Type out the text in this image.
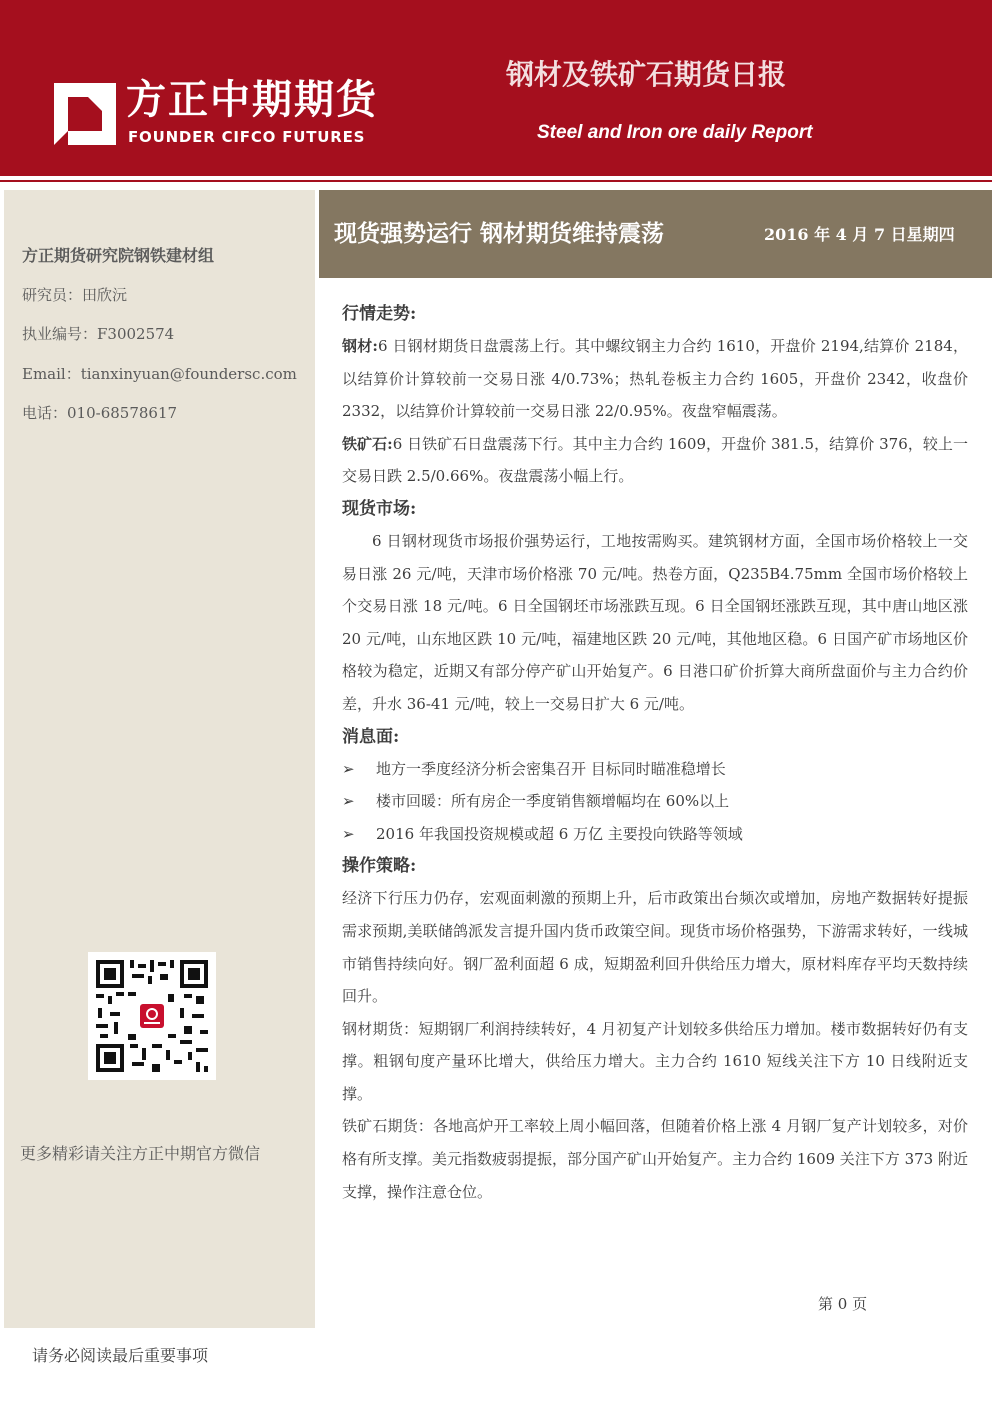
方正中期期货
FOUNDER CIFCO FUTURES
钢材及铁矿石期货日报
Steel and Iron ore daily Report
方正期货研究院钢铁建材组
研究员：田欣沅
执业编号：F3002574
Email：tianxinyuan@foundersc.com
电话：010-68578617
更多精彩请关注方正中期官方微信
现货强势运行 钢材期货维持震荡	2016 年 4 月 7 日星期四
行情走势:

钢材:6 日钢材期货日盘震荡上行。其中螺纹钢主力合约 1610，开盘价 2194,结算价 2184，以结算价计算较前一交易日涨 4/0.73%；热轧卷板主力合约 1605，开盘价 2342，收盘价 2332，以结算价计算较前一交易日涨 22/0.95%。夜盘窄幅震荡。

铁矿石:6 日铁矿石日盘震荡下行。其中主力合约 1609，开盘价 381.5，结算价 376，较上一交易日跌 2.5/0.66%。夜盘震荡小幅上行。

现货市场:

6 日钢材现货市场报价强势运行，工地按需购买。建筑钢材方面，全国市场价格较上一交易日涨 26 元/吨，天津市场价格涨 70 元/吨。热卷方面，Q235B4.75mm 全国市场价格较上个交易日涨 18 元/吨。6 日全国钢坯市场涨跌互现。6 日全国钢坯涨跌互现，其中唐山地区涨 20 元/吨，山东地区跌 10 元/吨，福建地区跌 20 元/吨，其他地区稳。6 日国产矿市场地区价格较为稳定，近期又有部分停产矿山开始复产。6 日港口矿价折算大商所盘面价与主力合约价差，升水 36-41 元/吨，较上一交易日扩大 6 元/吨。

消息面:
➢	地方一季度经济分析会密集召开 目标同时瞄准稳增长
➢	楼市回暖：所有房企一季度销售额增幅均在 60%以上
➢	2016 年我国投资规模或超 6 万亿 主要投向铁路等领域
操作策略:

经济下行压力仍存，宏观面刺激的预期上升，后市政策出台频次或增加，房地产数据转好提振需求预期,美联储鸽派发言提升国内货币政策空间。现货市场价格强势，下游需求转好，一线城市销售持续向好。钢厂盈利面超 6 成，短期盈利回升供给压力增大，原材料库存平均天数持续回升。

钢材期货：短期钢厂利润持续转好，4 月初复产计划较多供给压力增加。楼市数据转好仍有支撑。粗钢旬度产量环比增大，供给压力增大。主力合约 1610 短线关注下方 10 日线附近支撑。

铁矿石期货：各地高炉开工率较上周小幅回落，但随着价格上涨 4 月钢厂复产计划较多，对价格有所支撑。美元指数疲弱提振，部分国产矿山开始复产。主力合约 1609 关注下方 373 附近支撑，操作注意仓位。

第 0 页
请务必阅读最后重要事项
